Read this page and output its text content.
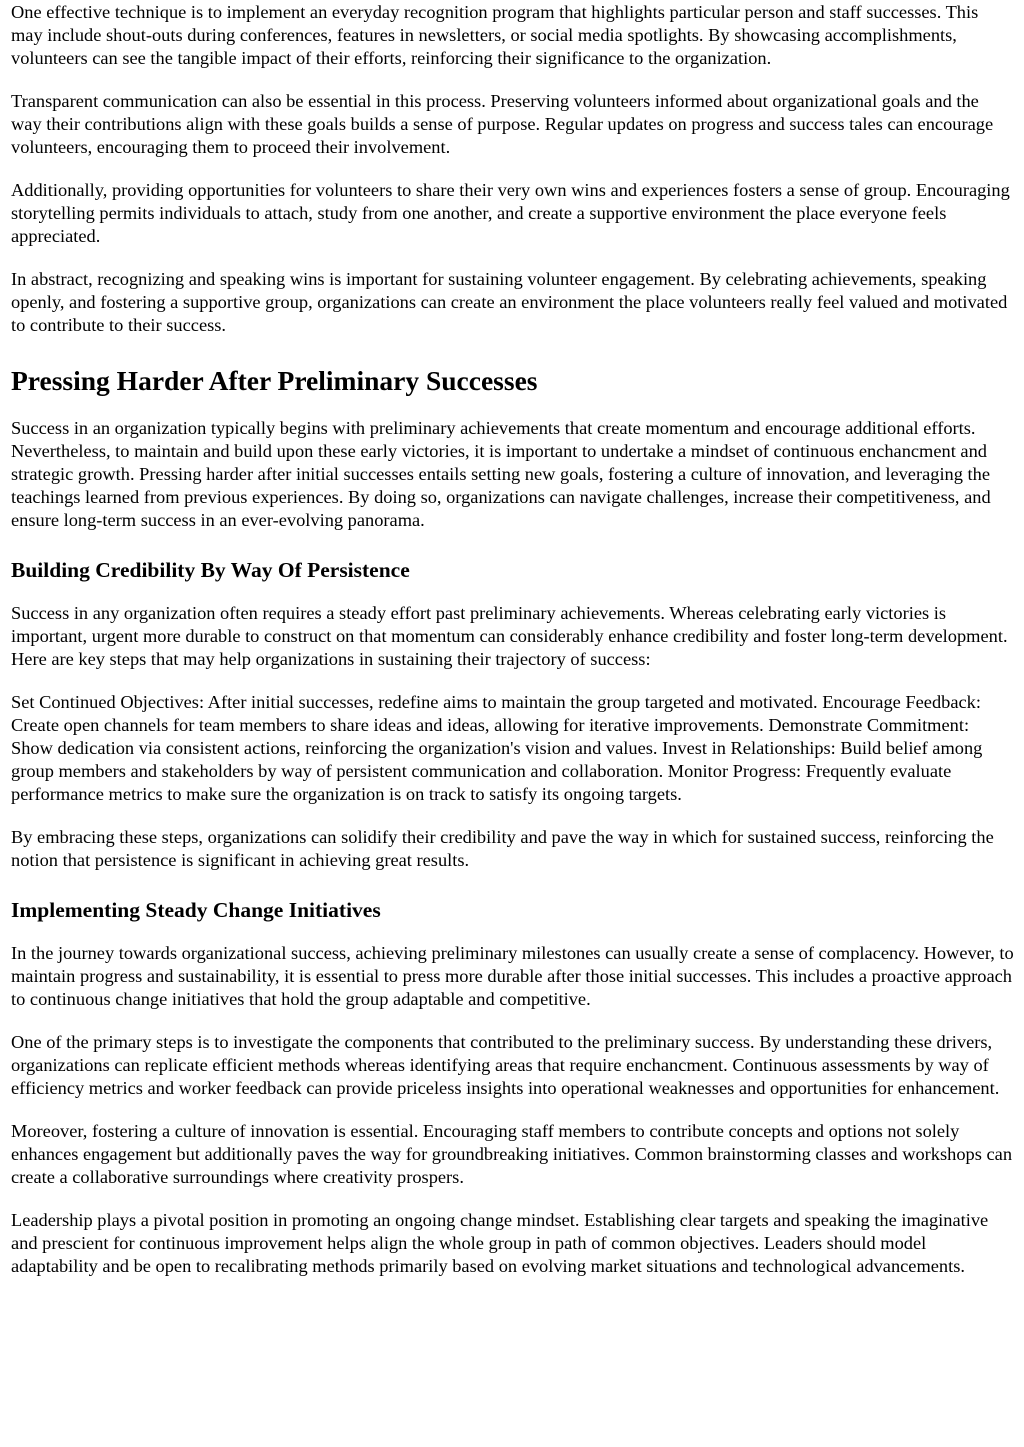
One effective technique is to implement an everyday recognition program that highlights particular person and staff successes. This may include shout-outs during conferences, features in newsletters, or social media spotlights. By showcasing accomplishments, volunteers can see the tangible impact of their efforts, reinforcing their significance to the organization.

Transparent communication can also be essential in this process. Preserving volunteers informed about organizational goals and the way their contributions align with these goals builds a sense of purpose. Regular updates on progress and success tales can encourage volunteers, encouraging them to proceed their involvement.

Additionally, providing opportunities for volunteers to share their very own wins and experiences fosters a sense of group. Encouraging storytelling permits individuals to attach, study from one another, and create a supportive environment the place everyone feels appreciated.

In abstract, recognizing and speaking wins is important for sustaining volunteer engagement. By celebrating achievements, speaking openly, and fostering a supportive group, organizations can create an environment the place volunteers really feel valued and motivated to contribute to their success.

Pressing Harder After Preliminary Successes

Success in an organization typically begins with preliminary achievements that create momentum and encourage additional efforts. Nevertheless, to maintain and build upon these early victories, it is important to undertake a mindset of continuous enchancment and strategic growth. Pressing harder after initial successes entails setting new goals, fostering a culture of innovation, and leveraging the teachings learned from previous experiences. By doing so, organizations can navigate challenges, increase their competitiveness, and ensure long-term success in an ever-evolving panorama.

Building Credibility By Way Of Persistence

Success in any organization often requires a steady effort past preliminary achievements. Whereas celebrating early victories is important, urgent more durable to construct on that momentum can considerably enhance credibility and foster long-term development. Here are key steps that may help organizations in sustaining their trajectory of success:

Set Continued Objectives: After initial successes, redefine aims to maintain the group targeted and motivated. Encourage Feedback: Create open channels for team members to share ideas and ideas, allowing for iterative improvements. Demonstrate Commitment: Show dedication via consistent actions, reinforcing the organization's vision and values. Invest in Relationships: Build belief among group members and stakeholders by way of persistent communication and collaboration. Monitor Progress: Frequently evaluate performance metrics to make sure the organization is on track to satisfy its ongoing targets.

By embracing these steps, organizations can solidify their credibility and pave the way in which for sustained success, reinforcing the notion that persistence is significant in achieving great results.

Implementing Steady Change Initiatives

In the journey towards organizational success, achieving preliminary milestones can usually create a sense of complacency. However, to maintain progress and sustainability, it is essential to press more durable after those initial successes. This includes a proactive approach to continuous change initiatives that hold the group adaptable and competitive.

One of the primary steps is to investigate the components that contributed to the preliminary success. By understanding these drivers, organizations can replicate efficient methods whereas identifying areas that require enchancment. Continuous assessments by way of efficiency metrics and worker feedback can provide priceless insights into operational weaknesses and opportunities for enhancement.

Moreover, fostering a culture of innovation is essential. Encouraging staff members to contribute concepts and options not solely enhances engagement but additionally paves the way for groundbreaking initiatives. Common brainstorming classes and workshops can create a collaborative surroundings where creativity prospers.

Leadership plays a pivotal position in promoting an ongoing change mindset. Establishing clear targets and speaking the imaginative and prescient for continuous improvement helps align the whole group in path of common objectives. Leaders should model adaptability and be open to recalibrating methods primarily based on evolving market situations and technological advancements.
